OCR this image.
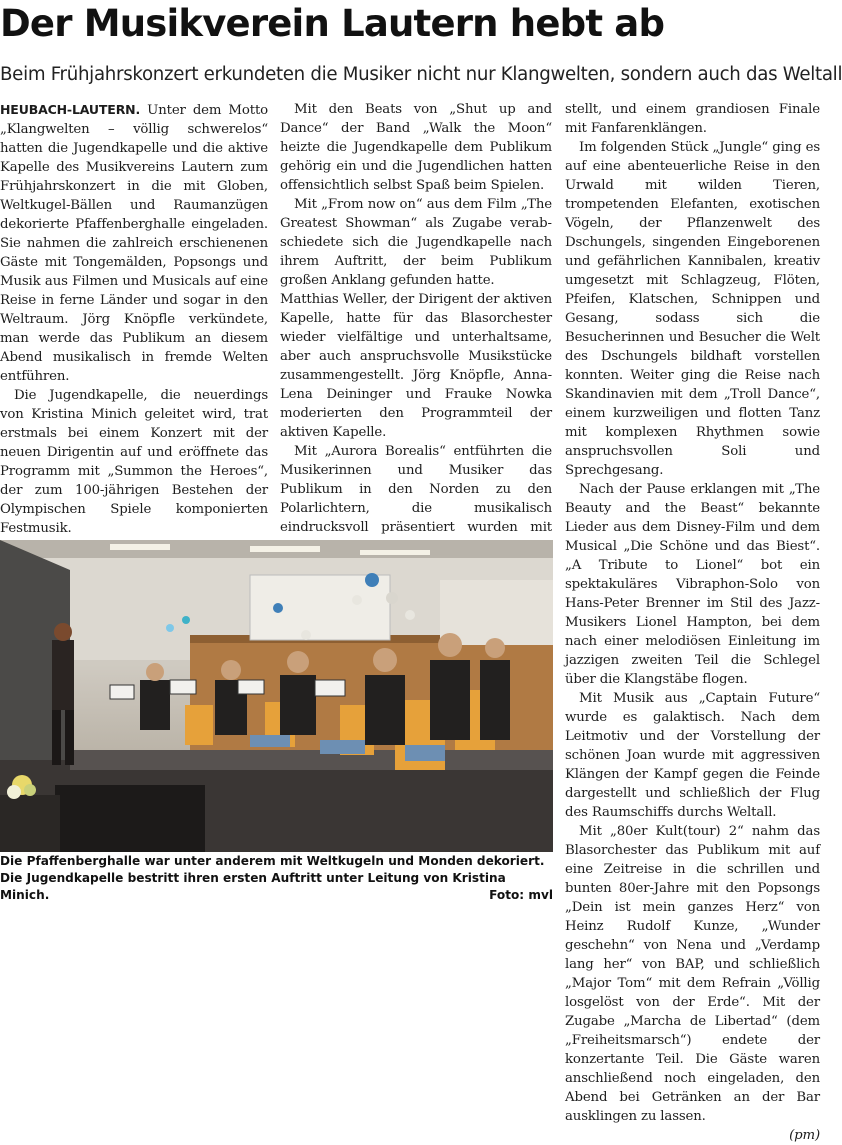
Der Musikverein Lautern hebt ab
Beim Frühjahrskonzert erkundeten die Musiker nicht nur Klangwelten, sondern auch das Weltall

HEUBACH-LAUTERN. Unter dem Motto „Klangwelten – völlig schwerelos“ hatten die Jugendkapelle und die aktive Kapelle des Musikvereins Lautern zum Frühjahrskonzert in die mit Globen, Weltkugel-Bällen und Raumanzügen dekorierte Pfaffenberghalle eingeladen. Sie nahmen die zahlreich erschienenen Gäste mit Tongemälden, Popsongs und Musik aus Filmen und Musicals auf eine Reise in ferne Länder und sogar in den Weltraum. Jörg Knöpfle verkündete, man werde das Publikum an diesem Abend musikalisch in fremde Welten entführen.

Die Jugendkapelle, die neuerdings von Kristina Minich geleitet wird, trat erstmals bei einem Konzert mit der neuen Dirigentin auf und eröffnete das Programm mit „Summon the Heroes“, der zum 100-jährigen Bestehen der Olympischen Spiele komponierten Festmusik.

Mit den Beats von „Shut up and Dance“ der Band „Walk the Moon“ heizte die Jugendkapelle dem Publikum gehörig ein und die Jugendlichen hatten offensichtlich selbst Spaß beim Spielen.

Mit „From now on“ aus dem Film „The Greatest Showman“ als Zugabe verabschiedete sich die Jugendkapelle nach ihrem Auftritt, der beim Publikum großen Anklang gefunden hatte.

Matthias Weller, der Dirigent der aktiven Kapelle, hatte für das Blasorchester wieder vielfältige und unterhaltsame, aber auch anspruchsvolle Musikstücke zusammengestellt. Jörg Knöpfle, Anna-Lena Deininger und Frauke Nowka moderierten den Programmteil der aktiven Kapelle.

Mit „Aurora Borealis“ entführten die Musikerinnen und Musiker das Publikum in den Norden zu den Polarlichtern, die musikalisch eindrucksvoll präsentiert wurden mit

stellt, und einem grandiosen Finale mit Fanfarenklängen.

Im folgenden Stück „Jungle“ ging es auf eine abenteuerliche Reise in den Urwald mit wilden Tieren, trompetenden Elefanten, exotischen Vögeln, der Pflanzenwelt des Dschungels, singenden Eingeborenen und gefährlichen Kannibalen, kreativ umgesetzt mit Schlagzeug, Flöten, Pfeifen, Klatschen, Schnippen und Gesang, sodass sich die Besucherinnen und Besucher die Welt des Dschungels bildhaft vorstellen konnten. Weiter ging die Reise nach Skandinavien mit dem „Troll Dance“, einem kurzweiligen und flotten Tanz mit komplexen Rhythmen sowie anspruchsvollen Soli und Sprechgesang.

Nach der Pause erklangen mit „The Beauty and the Beast“ bekannte Lieder aus dem Disney-Film und dem Musical „Die Schöne und das Biest“. „A Tribute to Lionel“ bot ein spektakuläres Vibraphon-Solo von Hans-Peter Brenner im Stil des Jazz-Musikers Lionel Hampton, bei dem nach einer melodiösen Einleitung im jazzigen zweiten Teil die Schlegel über die Klangstäbe flogen.

Mit Musik aus „Captain Future“ wurde es galaktisch. Nach dem Leitmotiv und der Vorstellung der schönen Joan wurde mit aggressiven Klängen der Kampf gegen die Feinde dargestellt und schließlich der Flug des Raumschiffs durchs Weltall.

Mit „80er Kult(tour) 2“ nahm das Blasorchester das Publikum mit auf eine Zeitreise in die schrillen und bunten 80er-Jahre mit den Popsongs „Dein ist mein ganzes Herz“ von Heinz Rudolf Kunze, „Wunder geschehn“ von Nena und „Verdamp lang her“ von BAP, und schließlich „Major Tom“ mit dem Refrain „Völlig losgelöst von der Erde“. Mit der Zugabe „Marcha de Libertad“ (dem „Freiheitsmarsch“) endete der konzertante Teil. Die Gäste waren anschließend noch eingeladen, den Abend bei Getränken an der Bar ausklingen zu lassen.

(pm)

Die Pfaffenberghalle war unter anderem mit Weltkugeln und Monden dekoriert. Die Jugendkapelle bestritt ihren ersten Auftritt unter Leitung von Kristina Minich.	Foto: mvl
